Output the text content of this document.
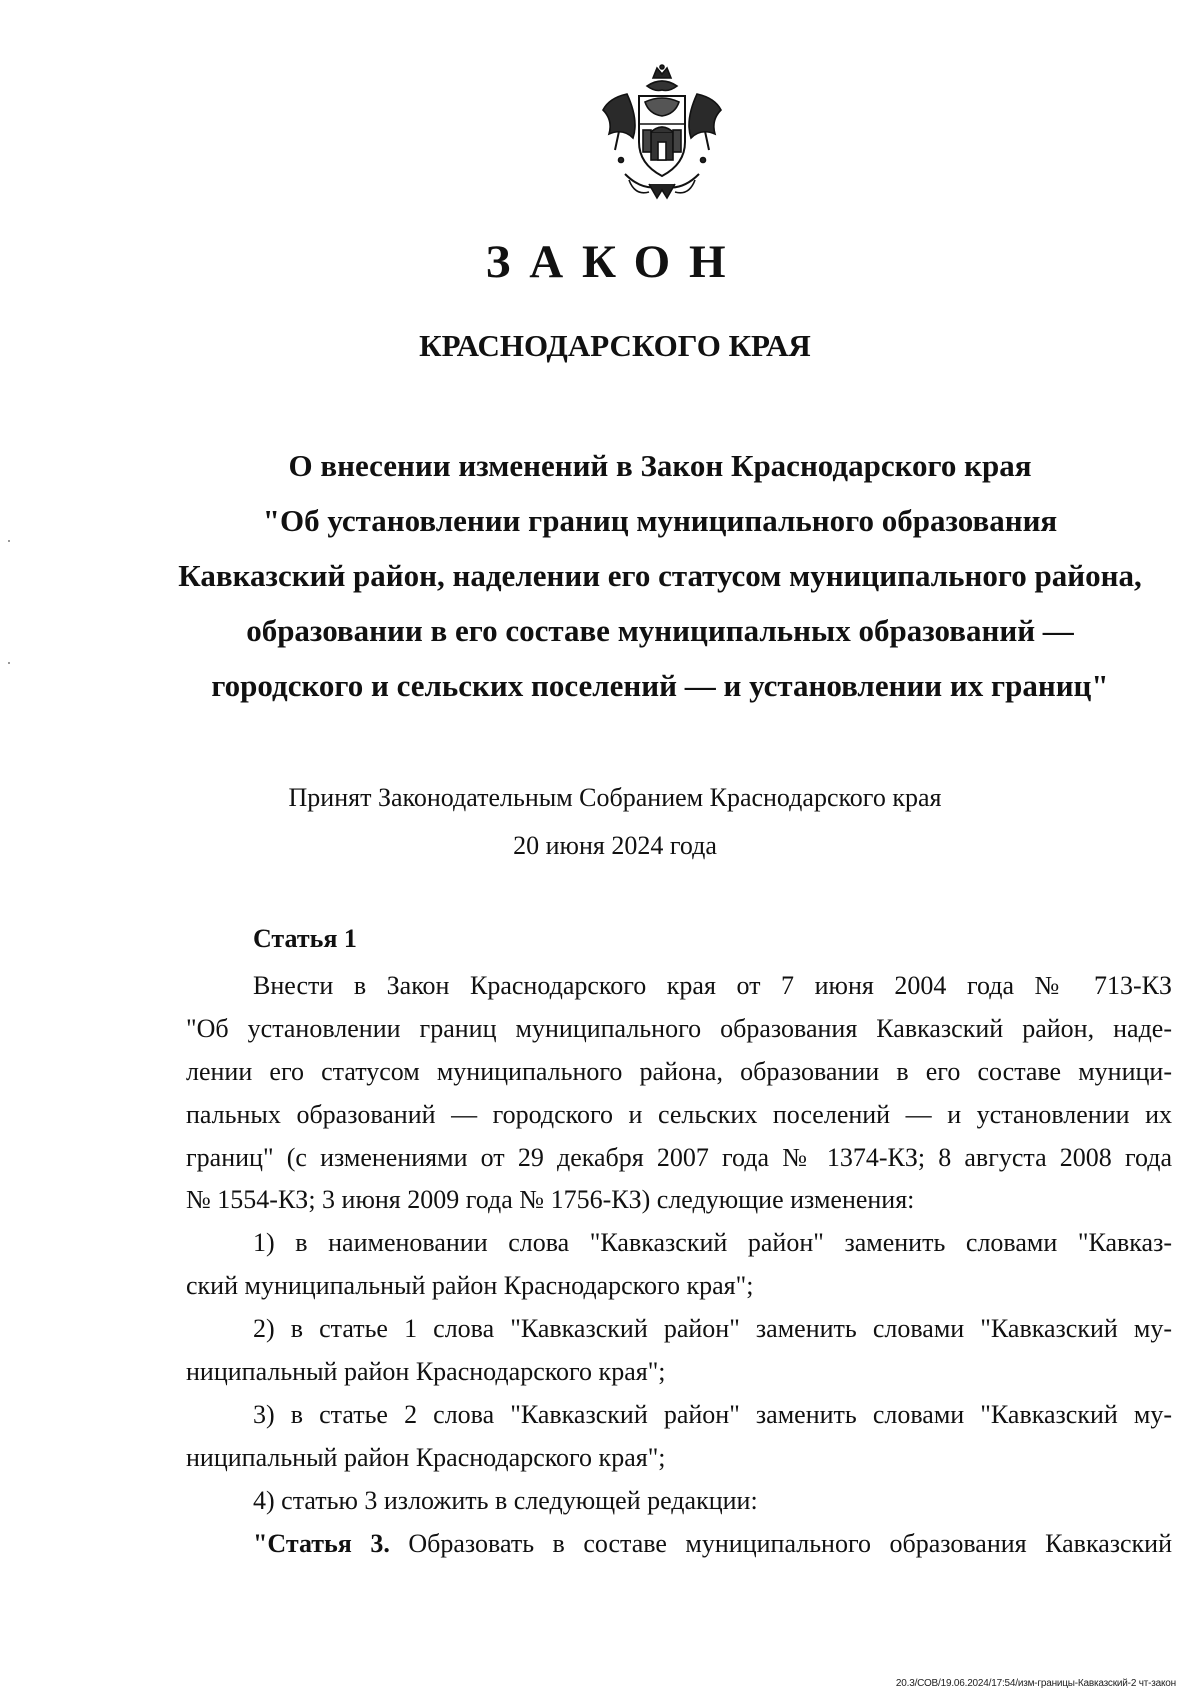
ЗАКОН
КРАСНОДАРСКОГО КРАЯ
О внесении изменений в Закон Краснодарского края
"Об установлении границ муниципального образования
Кавказский район, наделении его статусом муниципального района,
образовании в его составе муниципальных образований —
городского и сельских поселений — и установлении их границ"
Принят Законодательным Собранием Краснодарского края
20 июня 2024 года
Статья 1
Внести в Закон Краснодарского края от 7 июня 2004 года № 713-КЗ
"Об установлении границ муниципального образования Кавказский район, наде-
лении его статусом муниципального района, образовании в его составе муници-
пальных образований — городского и сельских поселений — и установлении их
границ" (с изменениями от 29 декабря 2007 года № 1374-КЗ; 8 августа 2008 года
№ 1554-КЗ; 3 июня 2009 года № 1756-КЗ) следующие изменения:
1) в наименовании слова "Кавказский район" заменить словами "Кавказ-
ский муниципальный район Краснодарского края";
2) в статье 1 слова "Кавказский район" заменить словами "Кавказский му-
ниципальный район Краснодарского края";
3) в статье 2 слова "Кавказский район" заменить словами "Кавказский му-
ниципальный район Краснодарского края";
4) статью 3 изложить в следующей редакции:
"Статья 3. Образовать в составе муниципального образования Кавказский
20.3/СОВ/19.06.2024/17:54/изм-границы-Кавказский-2 чт-закон
